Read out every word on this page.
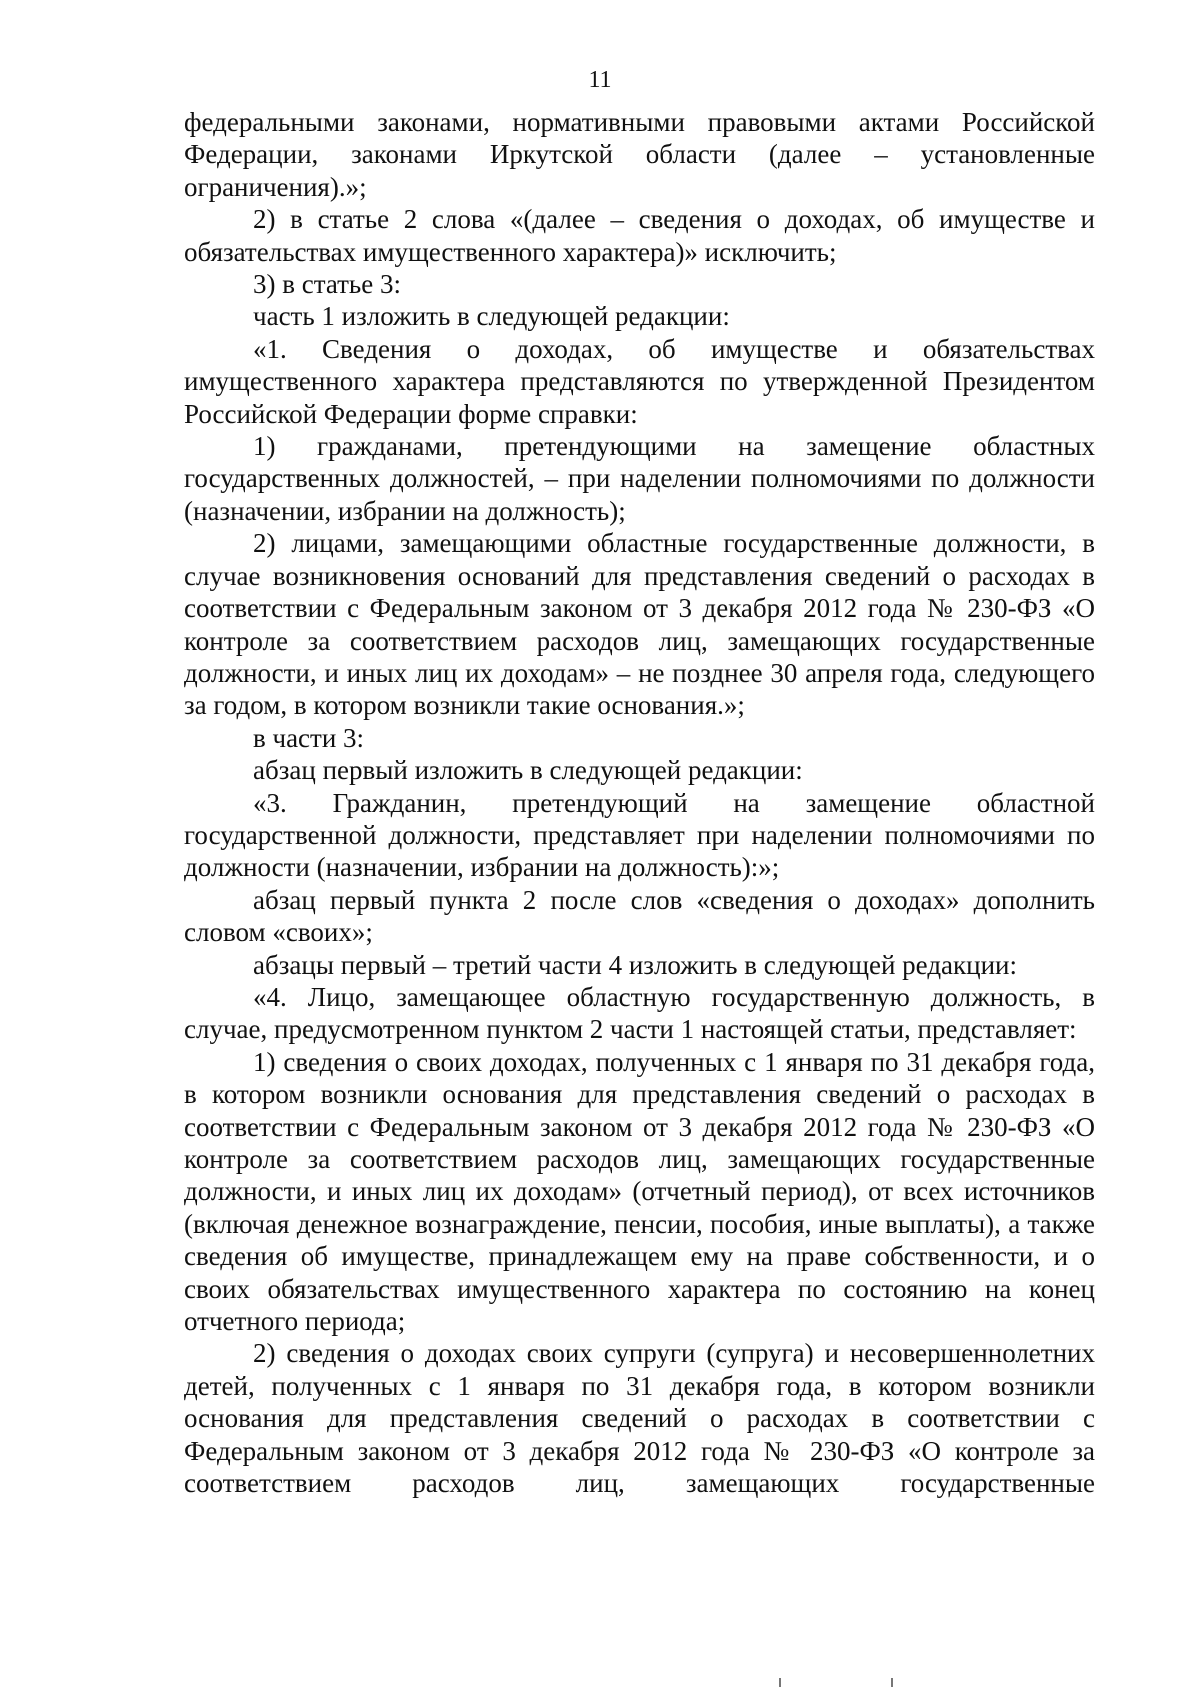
11

федеральными законами, нормативными правовыми актами Российской Федерации, законами Иркутской области (далее – установленные ограничения).»;

2) в статье 2 слова «(далее – сведения о доходах, об имуществе и обязательствах имущественного характера)» исключить;

3) в статье 3:

часть 1 изложить в следующей редакции:

«1. Сведения о доходах, об имуществе и обязательствах имущественного характера представляются по утвержденной Президентом Российской Федерации форме справки:

1) гражданами, претендующими на замещение областных государственных должностей, – при наделении полномочиями по должности (назначении, избрании на должность);

2) лицами, замещающими областные государственные должности, в случае возникновения оснований для представления сведений о расходах в соответствии с Федеральным законом от 3 декабря 2012 года № 230-ФЗ «О контроле за соответствием расходов лиц, замещающих государственные должности, и иных лиц их доходам» – не позднее 30 апреля года, следующего за годом, в котором возникли такие основания.»;

в части 3:

абзац первый изложить в следующей редакции:

«3. Гражданин, претендующий на замещение областной государственной должности, представляет при наделении полномочиями по должности (назначении, избрании на должность):»;

абзац первый пункта 2 после слов «сведения о доходах» дополнить словом «своих»;

абзацы первый – третий части 4 изложить в следующей редакции:

«4. Лицо, замещающее областную государственную должность, в случае, предусмотренном пунктом 2 части 1 настоящей статьи, представляет:

1) сведения о своих доходах, полученных с 1 января по 31 декабря года, в котором возникли основания для представления сведений о расходах в соответствии с Федеральным законом от 3 декабря 2012 года № 230-ФЗ «О контроле за соответствием расходов лиц, замещающих государственные должности, и иных лиц их доходам» (отчетный период), от всех источников (включая денежное вознаграждение, пенсии, пособия, иные выплаты), а также сведения об имуществе, принадлежащем ему на праве собственности, и о своих обязательствах имущественного характера по состоянию на конец отчетного периода;

2) сведения о доходах своих супруги (супруга) и несовершеннолетних детей, полученных с 1 января по 31 декабря года, в котором возникли основания для представления сведений о расходах в соответствии с Федеральным законом от 3 декабря 2012 года № 230-ФЗ «О контроле за соответствием расходов лиц, замещающих государственные
